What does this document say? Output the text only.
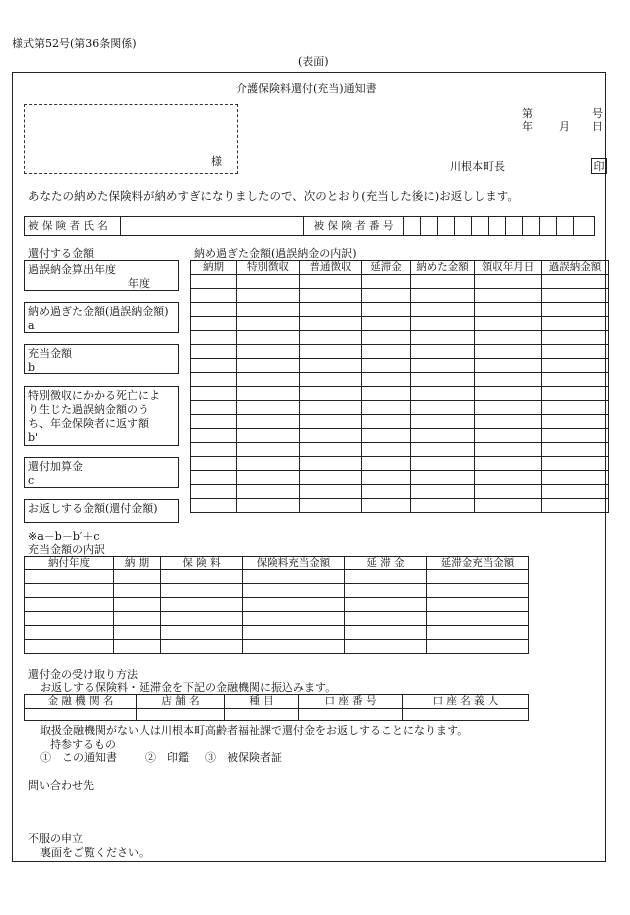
様式第52号(第36条関係)
(表面)
介護保険料還付(充当)通知書
様
第	号
年 月 日
川根本町長	印
あなたの納めた保険料が納めすぎになりましたので、次のとおり(充当した後に)お返しします。
被 保 険 者 氏 名		被 保 険 者 番 号											
還付する金額
過誤納金算出年度
年度
納め過ぎた金額(過誤納金額)
a
充当金額
b
特別徴収にかかる死亡によ
り生じた過誤納金額のう
ち、年金保険者に返す額
b'
還付加算金
c
お返しする金額(還付金額)
※a－b－b′＋c
納め過ぎた金額(過誤納金の内訳)
納期	特別徴収	普通徴収	延滞金	納めた金額	領収年月日	過誤納金額

充当金額の内訳
納付年度	納 期	保 険 料	保険料充当金額	延 滞 金	延滞金充当金額

還付金の受け取り方法
お返しする保険料・延滞金を下記の金融機関に振込みます。
金 融 機 関 名	店 舗 名	種 目	口 座 番 号	口 座 名 義 人

取扱金融機関がない人は川根本町高齢者福祉課で還付金をお返しすることになります。
持参するもの
①　この通知書	②　印鑑 ③　被保険者証
問い合わせ先
不服の申立
裏面をご覧ください。
